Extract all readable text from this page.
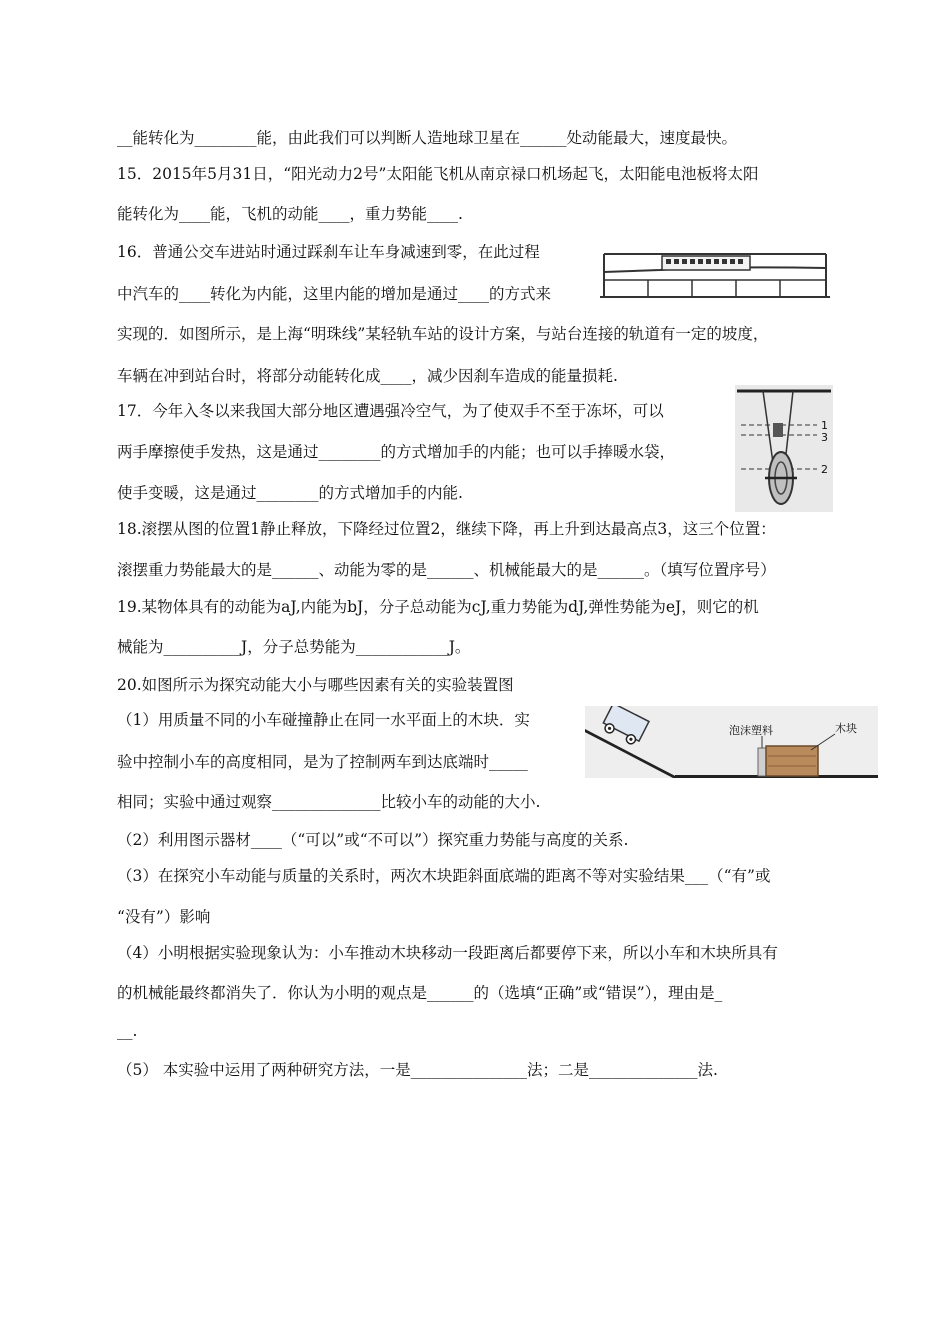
__能转化为________能，由此我们可以判断人造地球卫星在______处动能最大，速度最快。
15．2015年5月31日，“阳光动力2号”太阳能飞机从南京禄口机场起飞，太阳能电池板将太阳
能转化为____能，飞机的动能____，重力势能____.
16．普通公交车进站时通过踩刹车让车身减速到零，在此过程
中汽车的____转化为内能，这里内能的增加是通过____的方式来
实现的．如图所示，是上海“明珠线”某轻轨车站的设计方案，与站台连接的轨道有一定的坡度，
车辆在冲到站台时，将部分动能转化成____，减少因刹车造成的能量损耗.
17．今年入冬以来我国大部分地区遭遇强冷空气，为了使双手不至于冻坏，可以
两手摩擦使手发热，这是通过________的方式增加手的内能；也可以手捧暖水袋，
使手变暖，这是通过________的方式增加手的内能.
18.滚摆从图的位置1静止释放，下降经过位置2，继续下降，再上升到达最高点3，这三个位置：
滚摆重力势能最大的是______、动能为零的是______、机械能最大的是______。（填写位置序号）
19.某物体具有的动能为aJ,内能为bJ，分子总动能为cJ,重力势能为dJ,弹性势能为eJ，则它的机
械能为__________J，分子总势能为____________J。
20.如图所示为探究动能大小与哪些因素有关的实验装置图
（1）用质量不同的小车碰撞静止在同一水平面上的木块．实
验中控制小车的高度相同，是为了控制两车到达底端时_____
相同；实验中通过观察______________比较小车的动能的大小.
（2）利用图示器材____（“可以”或“不可以”）探究重力势能与高度的关系.
（3）在探究小车动能与质量的关系时，两次木块距斜面底端的距离不等对实验结果___（“有”或
“没有”）影响
（4）小明根据实验现象认为：小车推动木块移动一段距离后都要停下来，所以小车和木块所具有
的机械能最终都消失了．你认为小明的观点是______的（选填“正确”或“错误”），理由是_
__.
（5） 本实验中运用了两种研究方法，一是_______________法；二是______________法.
1
3
2
泡沫塑料	木块
